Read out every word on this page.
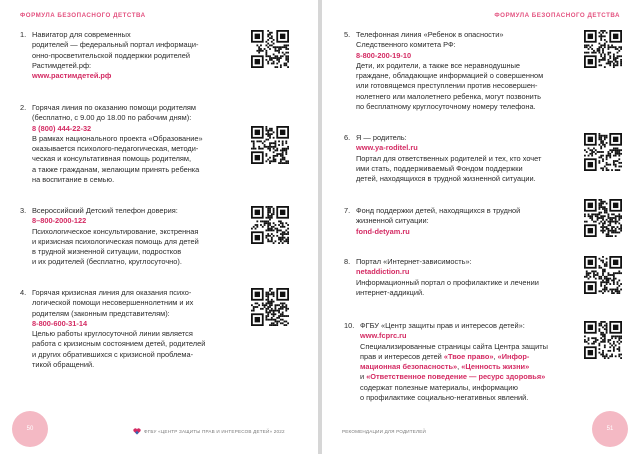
ФОРМУЛА БЕЗОПАСНОГО ДЕТСТВА
1. Навигатор для современных
родителей — федеральный портал информаци-
онно-просветительской поддержки родителей
Растимдетей.рф:
www.растимдетей.рф
2. Горячая линия по оказанию помощи родителям
(бесплатно, с 9.00 до 18.00 по рабочим дням):
8 (800) 444-22-32
В рамках национального проекта «Образование»
оказывается психолого-педагогическая, методи-
ческая и консультативная помощь родителям,
а также гражданам, желающим принять ребенка
на воспитание в семью.
3. Всероссийский Детский телефон доверия:
8–800-2000-122
Психологическое консультирование, экстренная
и кризисная психологическая помощь для детей
в трудной жизненной ситуации, подростков
и их родителей (бесплатно, круглосуточно).
4. Горячая кризисная линия для оказания психо-
логической помощи несовершеннолетним и их
родителям (законным представителям):
8-800-600-31-14
Целью работы круглосуточной линии является
работа с кризисным состоянием детей, родителей
и других обратившихся с кризисной проблема-
тикой обращений.
50	ФГБУ «ЦЕНТР ЗАЩИТЫ ПРАВ И ИНТЕРЕСОВ ДЕТЕЙ» 2022
ФОРМУЛА БЕЗОПАСНОГО ДЕТСТВА
5. Телефонная линия «Ребенок в опасности»
Следственного комитета РФ:
8-800-200-19-10
Дети, их родители, а также все неравнодушные
граждане, обладающие информацией о совершенном
или готовящемся преступлении против несовершен-
нолетнего или малолетнего ребенка, могут позвонить
по бесплатному круглосуточному номеру телефона.
6. Я — родитель:
www.ya-roditel.ru
Портал для ответственных родителей и тех, кто хочет
ими стать, поддерживаемый Фондом поддержки
детей, находящихся в трудной жизненной ситуации.
7. Фонд поддержки детей, находящихся в трудной
жизненной ситуации:
fond-detyam.ru
8. Портал «Интернет-зависимость»:
netaddiction.ru
Информационный портал о профилактике и лечении
интернет-аддикций.
10. ФГБУ «Центр защиты прав и интересов детей»:
www.fcprc.ru
Специализированные страницы сайта Центра защиты
прав и интересов детей «Твое право», «Инфор-
мационная безопасность», «Ценность жизни»
и «Ответственное поведение — ресурс здоровья»
содержат полезные материалы, информацию
о профилактике социально-негативных явлений.
РЕКОМЕНДАЦИИ ДЛЯ РОДИТЕЛЕЙ	51
